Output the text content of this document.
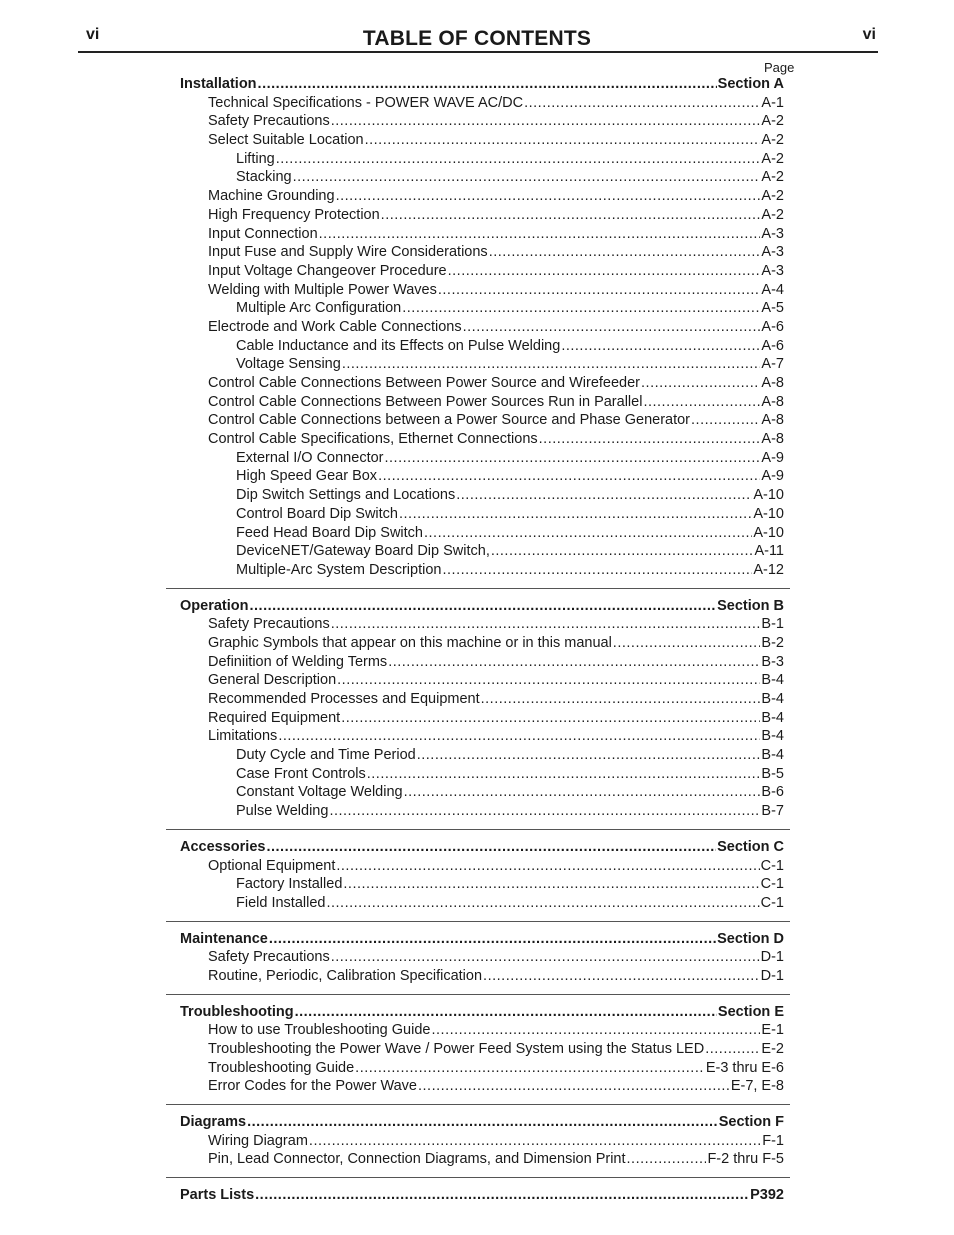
vi	vi
TABLE OF CONTENTS
Page
Installation .....	Section A
Technical Specifications - POWER WAVE AC/DC .....	A-1
Safety Precautions .....	A-2
Select Suitable Location .....	A-2
Lifting .....	A-2
Stacking .....	A-2
Machine Grounding .....	A-2
High Frequency Protection .....	A-2
Input Connection .....	A-3
Input Fuse and Supply Wire Considerations .....	A-3
Input Voltage Changeover Procedure .....	A-3
Welding with Multiple Power Waves .....	A-4
Multiple Arc Configuration .....	A-5
Electrode and Work Cable Connections .....	A-6
Cable Inductance and its Effects on Pulse Welding .....	A-6
Voltage Sensing .....	A-7
Control Cable Connections Between Power Source and Wirefeeder .....	A-8
Control Cable Connections Between Power Sources Run in Parallel .....	A-8
Control Cable Connections between a Power Source and Phase Generator .....	A-8
Control Cable Specifications, Ethernet Connections .....	A-8
External I/O Connector .....	A-9
High Speed Gear Box .....	A-9
Dip Switch Settings and Locations .....	A-10
Control Board Dip Switch .....	A-10
Feed Head Board Dip Switch .....	A-10
DeviceNET/Gateway Board Dip Switch, .....	A-11
Multiple-Arc System Description .....	A-12
Operation .....	Section B
Safety Precautions .....	B-1
Graphic Symbols that appear on this machine or in this manual .....	B-2
Definiition of Welding Terms .....	B-3
General Description .....	B-4
Recommended Processes and Equipment .....	B-4
Required Equipment .....	B-4
Limitations .....	B-4
Duty Cycle and Time Period .....	B-4
Case Front Controls .....	B-5
Constant Voltage Welding .....	B-6
Pulse Welding .....	B-7
Accessories .....	Section C
Optional Equipment .....	C-1
Factory Installed .....	C-1
Field Installed .....	C-1
Maintenance .....	Section D
Safety Precautions .....	D-1
Routine, Periodic, Calibration Specification .....	D-1
Troubleshooting .....	Section E
How to use Troubleshooting Guide .....	E-1
Troubleshooting the Power Wave / Power Feed System using the Status LED .....	E-2
Troubleshooting Guide .....	E-3 thru E-6
Error Codes for the Power Wave .....	E-7, E-8
Diagrams .....	Section F
Wiring Diagram .....	F-1
Pin, Lead Connector, Connection Diagrams, and Dimension Print .....	F-2 thru F-5
Parts Lists .....	P392
